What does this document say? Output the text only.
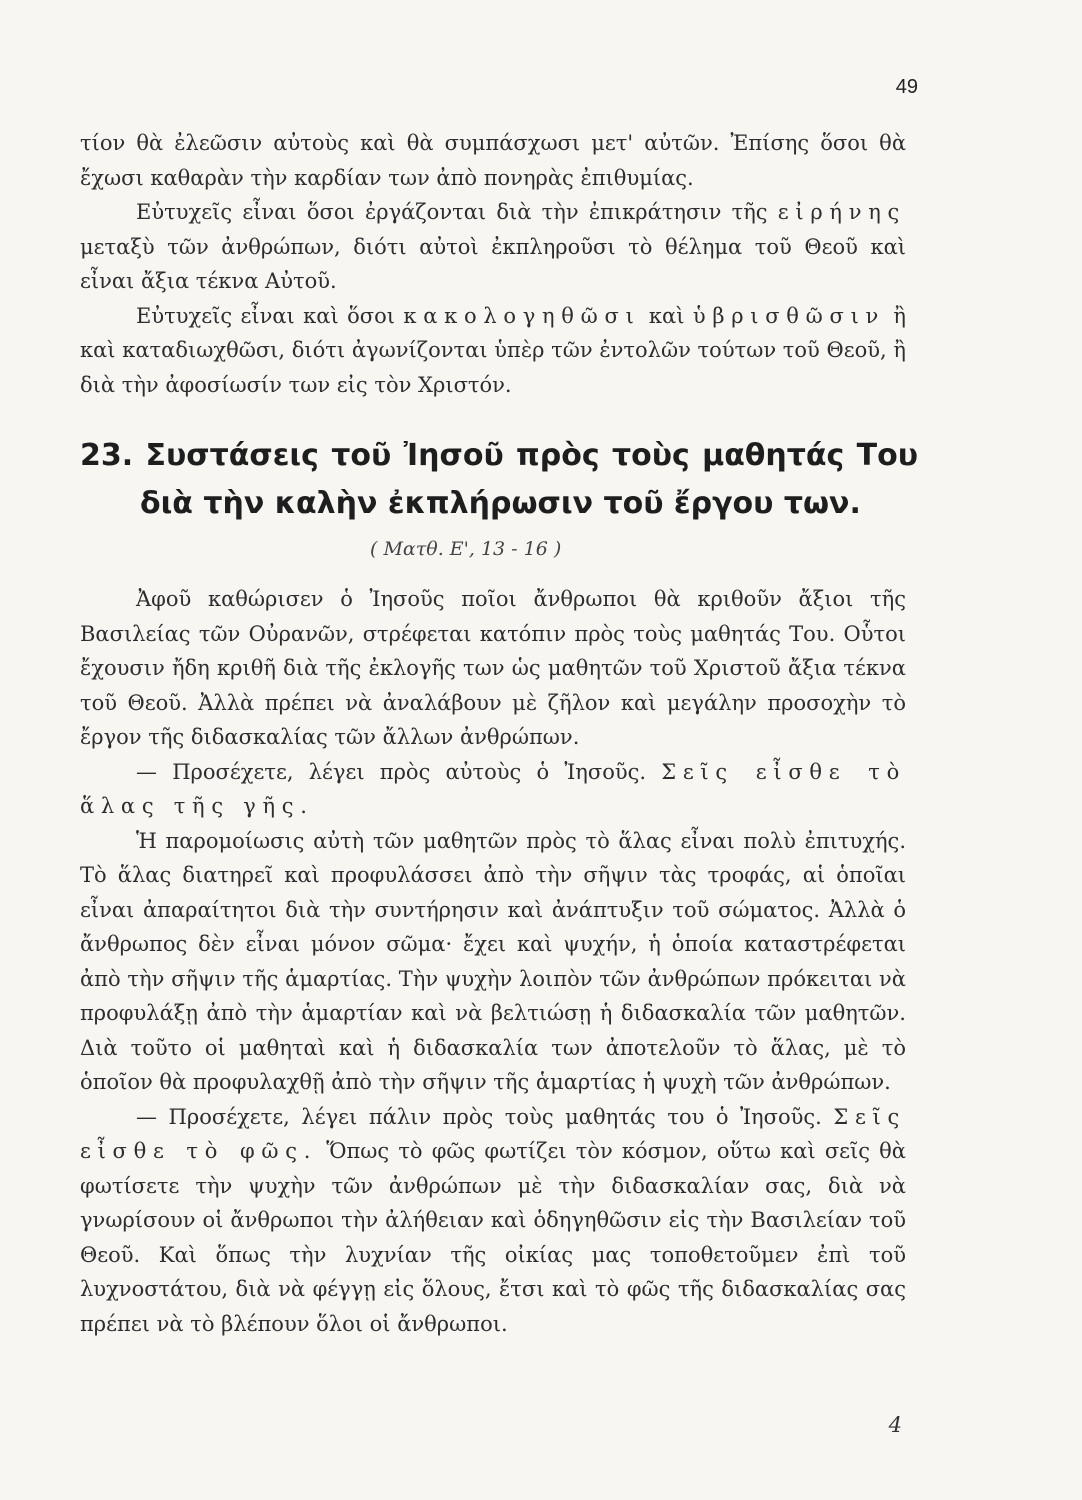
49

τίον θὰ ἐλεῶσιν αὐτοὺς καὶ θὰ συμπάσχωσι μετ' αὐτῶν. Ἐπίσης ὅσοι θὰ ἔχωσι καθαρὰν τὴν καρδίαν των ἀπὸ πονηρὰς ἐπιθυμίας.

Εὐτυχεῖς εἶναι ὅσοι ἐργάζονται διὰ τὴν ἐπικράτησιν τῆς εἰρήνης μεταξὺ τῶν ἀνθρώπων, διότι αὐτοὶ ἐκπληροῦσι τὸ θέλημα τοῦ Θεοῦ καὶ εἶναι ἄξια τέκνα Αὐτοῦ.

Εὐτυχεῖς εἶναι καὶ ὅσοι κακολογηθῶσι καὶ ὑβρισθῶσιν ἢ καὶ καταδιωχθῶσι, διότι ἀγωνίζονται ὑπὲρ τῶν ἐντολῶν τούτων τοῦ Θεοῦ, ἢ διὰ τὴν ἀφοσίωσίν των εἰς τὸν Χριστόν.

23. Συστάσεις τοῦ Ἰησοῦ πρὸς τοὺς μαθητάς Του
διὰ τὴν καλὴν ἐκπλήρωσιν τοῦ ἔργου των.
( Ματθ. Ε', 13 - 16 )

Ἀφοῦ καθώρισεν ὁ Ἰησοῦς ποῖοι ἄνθρωποι θὰ κριθοῦν ἄξιοι τῆς Βασιλείας τῶν Οὐρανῶν, στρέφεται κατόπιν πρὸς τοὺς μαθητάς Του. Οὗτοι ἔχουσιν ἤδη κριθῆ διὰ τῆς ἐκλογῆς των ὡς μαθητῶν τοῦ Χριστοῦ ἄξια τέκνα τοῦ Θεοῦ. Ἀλλὰ πρέπει νὰ ἀναλάβουν μὲ ζῆλον καὶ μεγάλην προσοχὴν τὸ ἔργον τῆς διδασκαλίας τῶν ἄλλων ἀνθρώπων.

— Προσέχετε, λέγει πρὸς αὐτοὺς ὁ Ἰησοῦς. Σεῖς εἶσθε τὸ ἅλας τῆς γῆς.

Ἡ παρομοίωσις αὐτὴ τῶν μαθητῶν πρὸς τὸ ἅλας εἶναι πολὺ ἐπιτυχής. Τὸ ἅλας διατηρεῖ καὶ προφυλάσσει ἀπὸ τὴν σῆψιν τὰς τροφάς, αἱ ὁποῖαι εἶναι ἀπαραίτητοι διὰ τὴν συντήρησιν καὶ ἀνάπτυξιν τοῦ σώματος. Ἀλλὰ ὁ ἄνθρωπος δὲν εἶναι μόνον σῶμα· ἔχει καὶ ψυχήν, ἡ ὁποία καταστρέφεται ἀπὸ τὴν σῆψιν τῆς ἁμαρτίας. Τὴν ψυχὴν λοιπὸν τῶν ἀνθρώπων πρόκειται νὰ προφυλάξῃ ἀπὸ τὴν ἁμαρτίαν καὶ νὰ βελτιώσῃ ἡ διδασκαλία τῶν μαθητῶν. Διὰ τοῦτο οἱ μαθηταὶ καὶ ἡ διδασκαλία των ἀποτελοῦν τὸ ἅλας, μὲ τὸ ὁποῖον θὰ προφυλαχθῇ ἀπὸ τὴν σῆψιν τῆς ἁμαρτίας ἡ ψυχὴ τῶν ἀνθρώπων.

— Προσέχετε, λέγει πάλιν πρὸς τοὺς μαθητάς του ὁ Ἰησοῦς. Σεῖς εἶσθε τὸ φῶς. Ὅπως τὸ φῶς φωτίζει τὸν κόσμον, οὕτω καὶ σεῖς θὰ φωτίσετε τὴν ψυχὴν τῶν ἀνθρώπων μὲ τὴν διδασκαλίαν σας, διὰ νὰ γνωρίσουν οἱ ἄνθρωποι τὴν ἀλήθειαν καὶ ὁδηγηθῶσιν εἰς τὴν Βασιλείαν τοῦ Θεοῦ. Καὶ ὅπως τὴν λυχνίαν τῆς οἰκίας μας τοποθετοῦμεν ἐπὶ τοῦ λυχνοστάτου, διὰ νὰ φέγγῃ εἰς ὅλους, ἔτσι καὶ τὸ φῶς τῆς διδασκαλίας σας πρέπει νὰ τὸ βλέπουν ὅλοι οἱ ἄνθρωποι.

4
